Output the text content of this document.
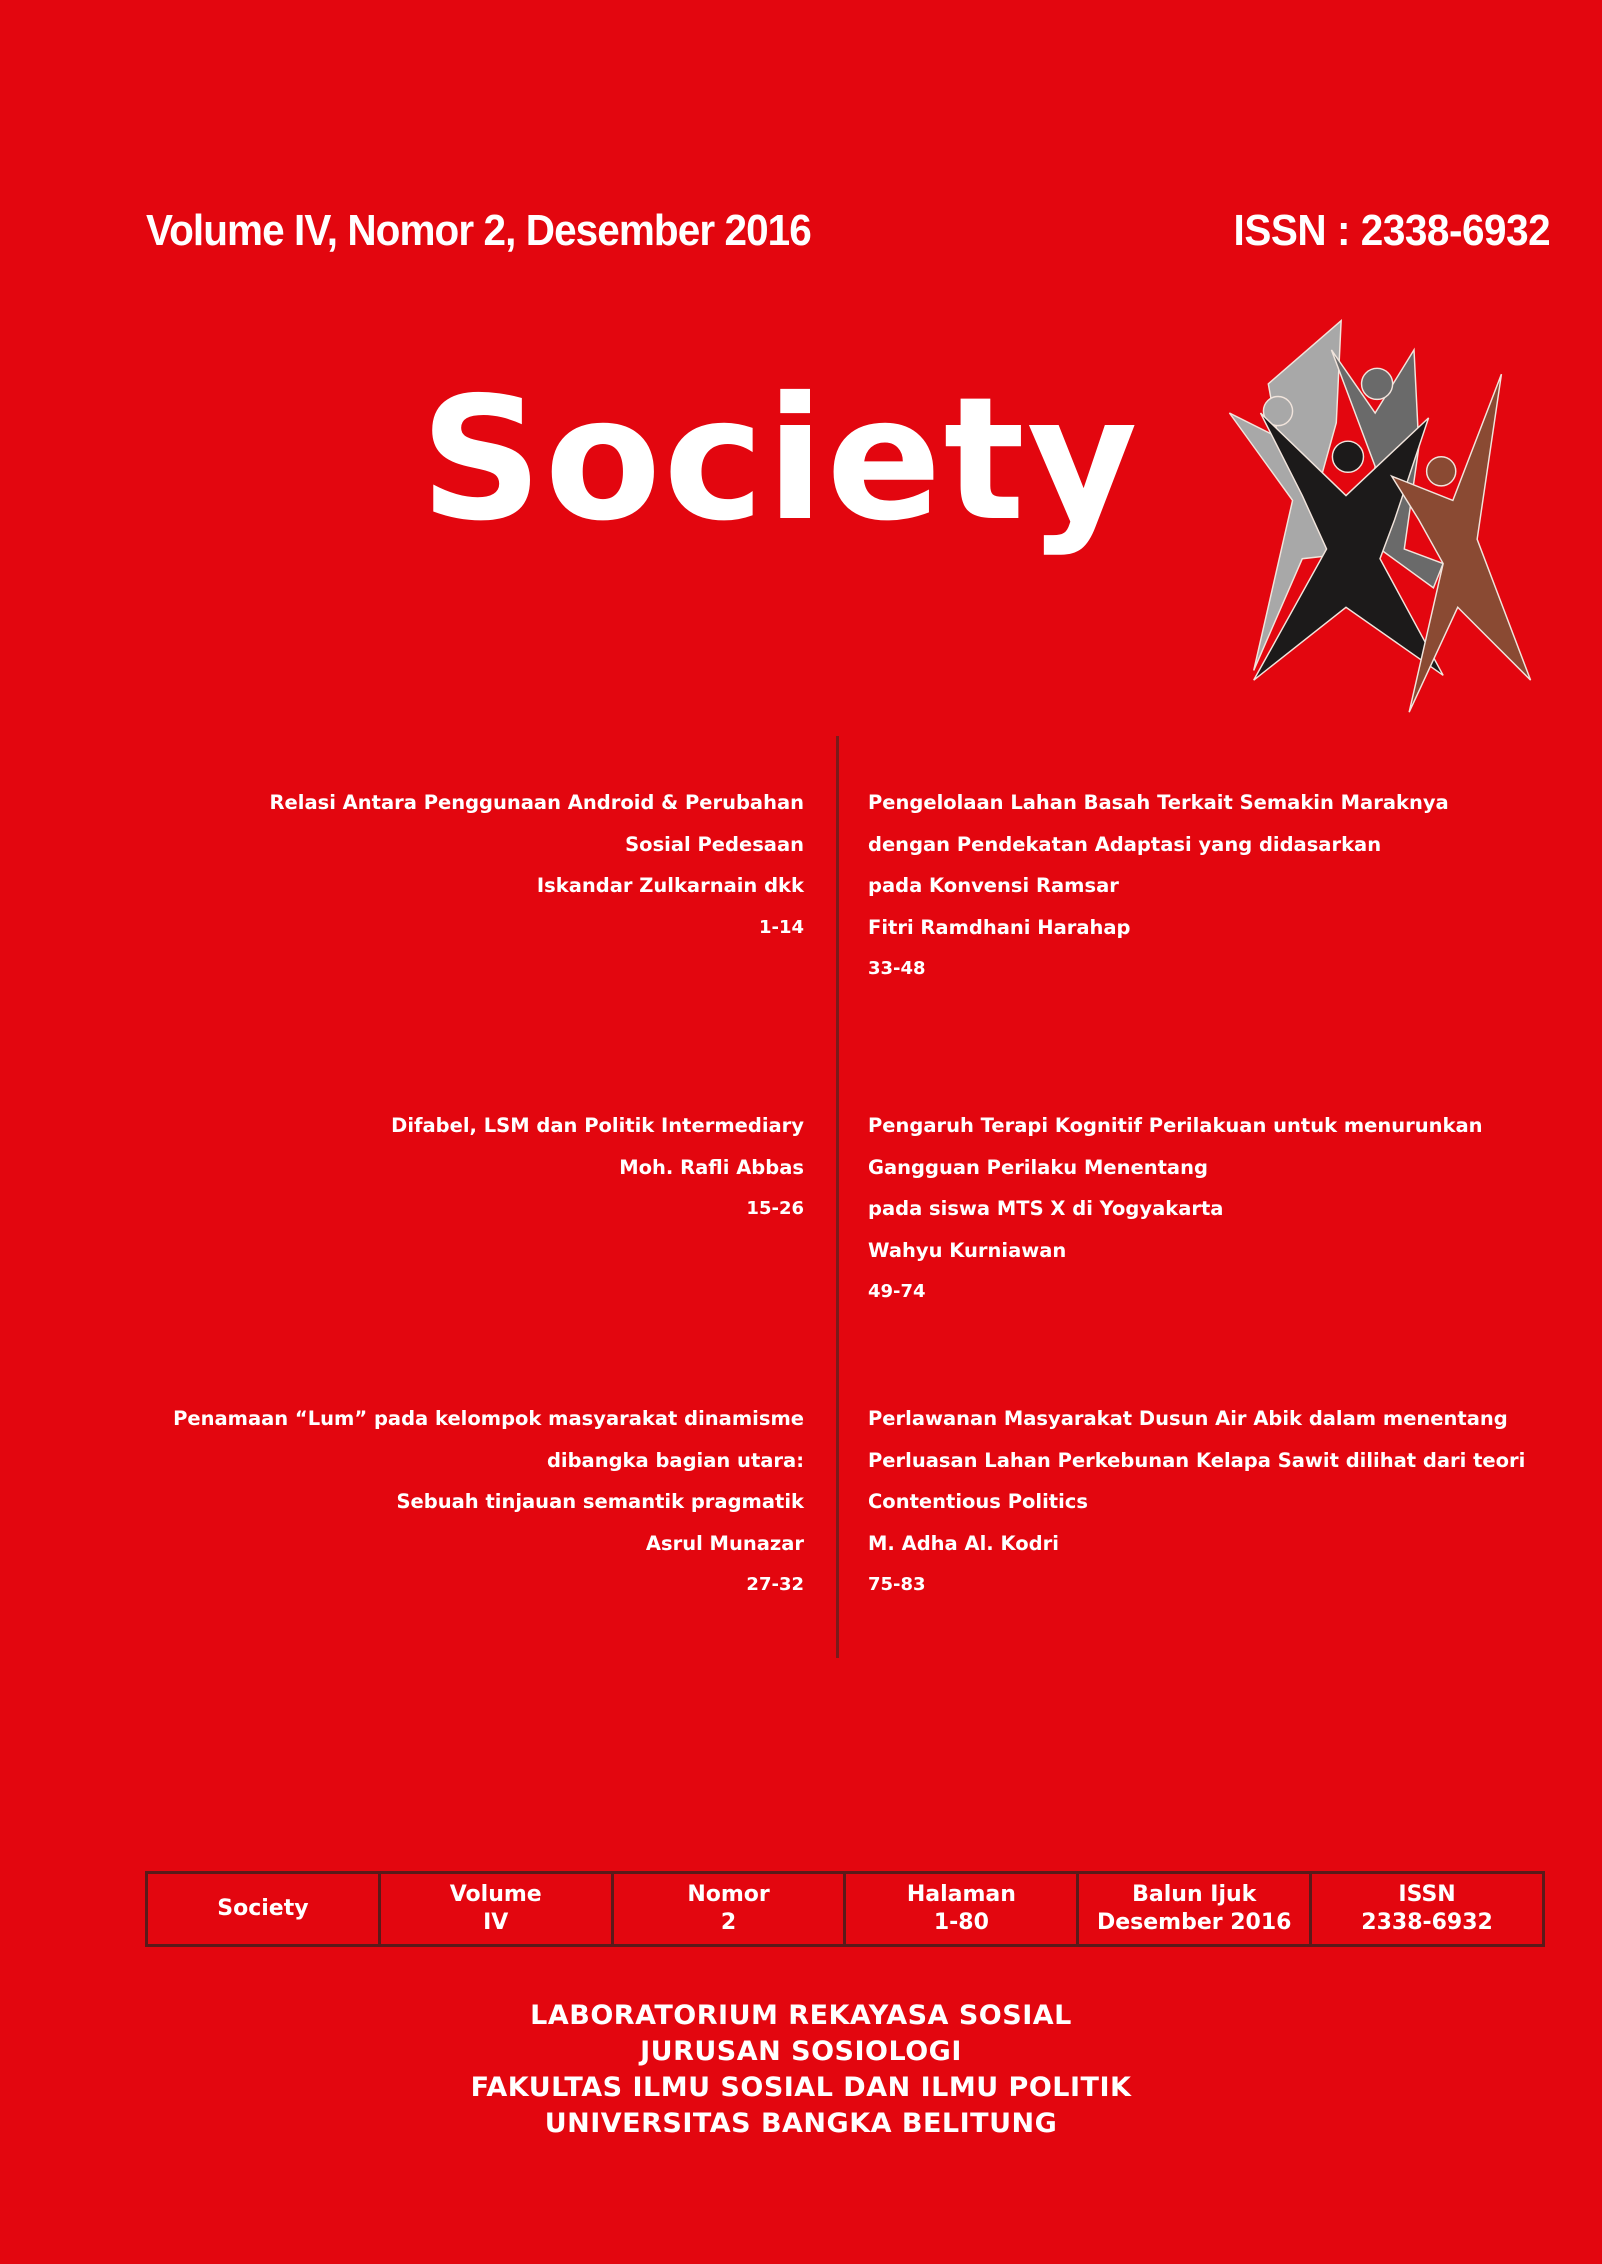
Volume IV, Nomor 2, Desember 2016	ISSN : 2338-6932
Society
Relasi Antara Penggunaan Android & Perubahan
Sosial Pedesaan
Iskandar Zulkarnain dkk
1-14
Difabel, LSM dan Politik Intermediary
Moh. Rafli Abbas
15-26
Penamaan “Lum” pada kelompok masyarakat dinamisme
dibangka bagian utara:
Sebuah tinjauan semantik pragmatik
Asrul Munazar
27-32
Pengelolaan Lahan Basah Terkait Semakin Maraknya
dengan Pendekatan Adaptasi yang didasarkan
pada Konvensi Ramsar
Fitri Ramdhani Harahap
33-48
Pengaruh Terapi Kognitif Perilakuan untuk menurunkan
Gangguan Perilaku Menentang
pada siswa MTS X di Yogyakarta
Wahyu Kurniawan
49-74
Perlawanan Masyarakat Dusun Air Abik dalam menentang
Perluasan Lahan Perkebunan Kelapa Sawit dilihat dari teori
Contentious Politics
M. Adha Al. Kodri
75-83
Society	
Volume
IV

Nomor
2

Halaman
1-80

Balun Ijuk
Desember 2016

ISSN
2338-6932
LABORATORIUM REKAYASA SOSIAL
JURUSAN SOSIOLOGI
FAKULTAS ILMU SOSIAL DAN ILMU POLITIK
UNIVERSITAS BANGKA BELITUNG
